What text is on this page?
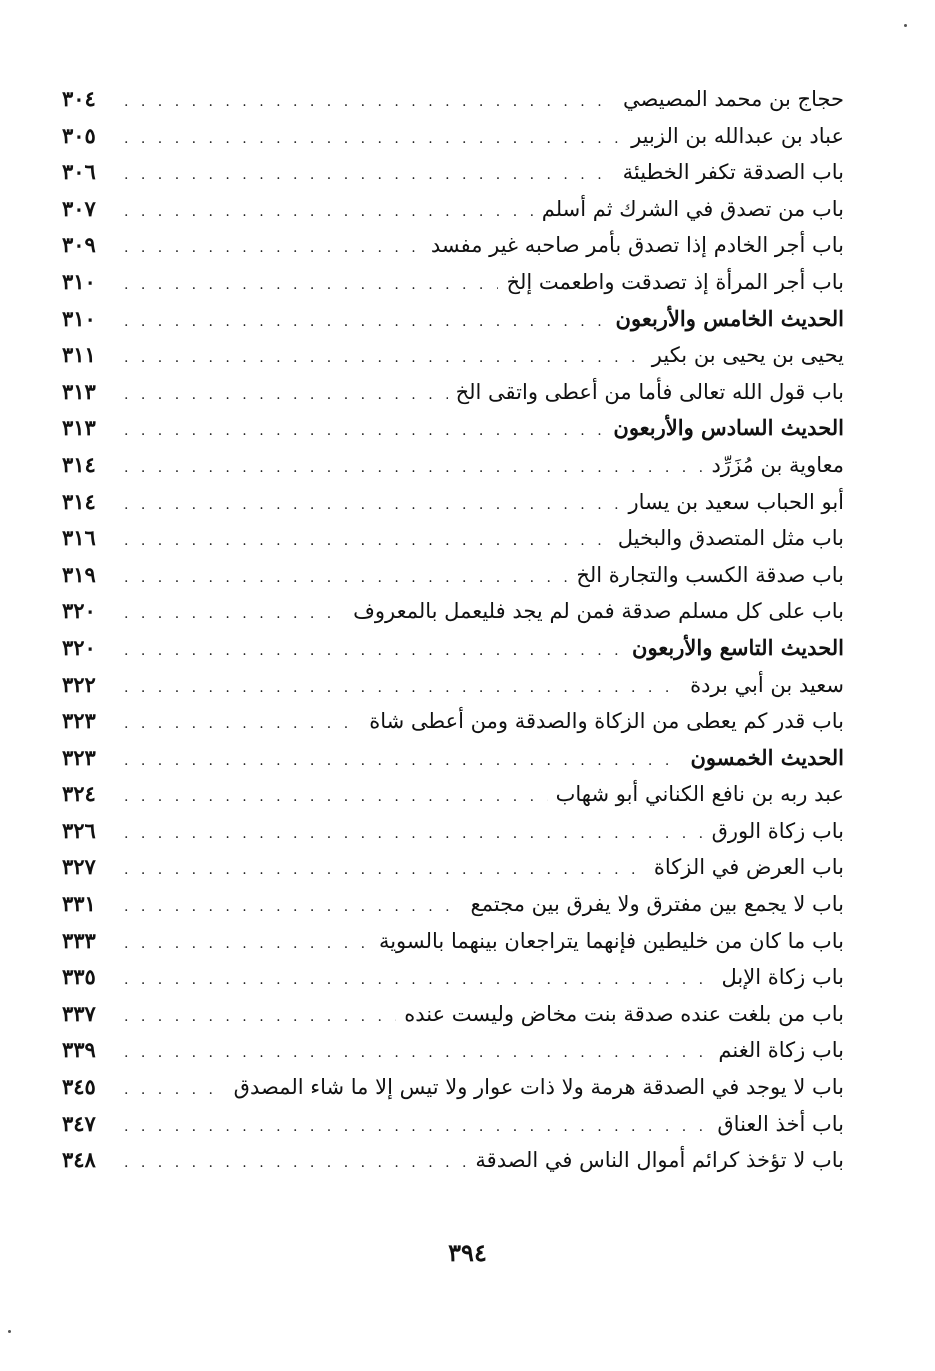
حجاج بن محمد المصيصي
. . .
٣٠٤
عباد بن عبدالله بن الزبير
. . .
٣٠٥
باب الصدقة تكفر الخطيئة
. . .
٣٠٦
باب من تصدق في الشرك ثم أسلم
. . .
٣٠٧
باب أجر الخادم إذا تصدق بأمر صاحبه غير مفسد
. . .
٣٠٩
باب أجر المرأة إذ تصدقت واطعمت إلخ
. . .
٣١٠
الحديث الخامس والأربعون
. . .
٣١٠
يحيى بن يحيى بن بكير
. . .
٣١١
باب قول الله تعالى فأما من أعطى واتقى الخ
. . .
٣١٣
الحديث السادس والأربعون
. . .
٣١٣
معاوية بن مُزَرِّد
. . .
٣١٤
أبو الحباب سعيد بن يسار
. . .
٣١٤
باب مثل المتصدق والبخيل
. . .
٣١٦
باب صدقة الكسب والتجارة الخ
. . .
٣١٩
باب على كل مسلم صدقة فمن لم يجد فليعمل بالمعروف
. . .
٣٢٠
الحديث التاسع والأربعون
. . .
٣٢٠
سعيد بن أبي بردة
. . .
٣٢٢
باب قدر كم يعطى من الزكاة والصدقة ومن أعطى شاة
. . .
٣٢٣
الحديث الخمسون
. . .
٣٢٣
عبد ربه بن نافع الكناني أبو شهاب
. . .
٣٢٤
باب زكاة الورق
. . .
٣٢٦
باب العرض في الزكاة
. . .
٣٢٧
باب لا يجمع بين مفترق ولا يفرق بين مجتمع
. . .
٣٣١
باب ما كان من خليطين فإنهما يتراجعان بينهما بالسوية
. . .
٣٣٣
باب زكاة الإبل
. . .
٣٣٥
باب من بلغت عنده صدقة بنت مخاض وليست عنده
. . .
٣٣٧
باب زكاة الغنم
. . .
٣٣٩
باب لا يوجد في الصدقة هرمة ولا ذات عوار ولا تيس إلا ما شاء المصدق
. . .
٣٤٥
باب أخذ العناق
. . .
٣٤٧
باب لا تؤخذ كرائم أموال الناس في الصدقة
. . .
٣٤٨
٣٩٤
